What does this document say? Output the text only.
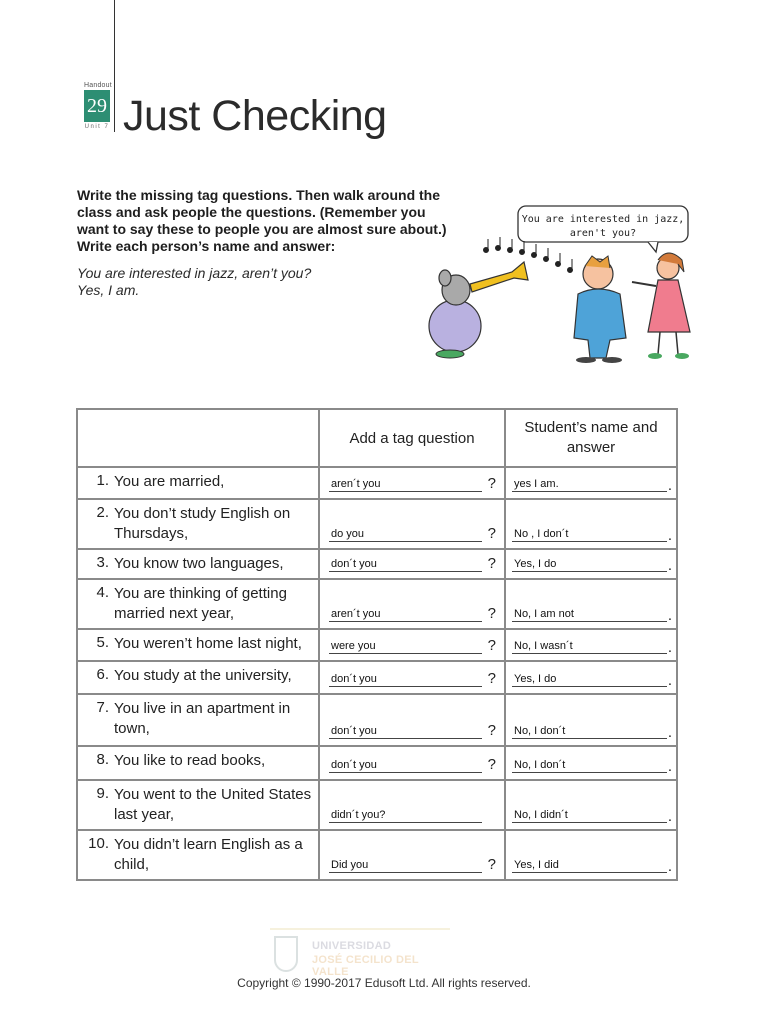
Handout
29
Unit 7 Just Checking

Write the missing tag questions. Then walk around the class and ask people the questions. (Remember you want to say these to people you are almost sure about.) Write each person’s name and answer:

You are interested in jazz, aren’t you?
Yes, I am.
You are interested in jazz,
aren't you?
	Add a tag question	Student’s name and answer
1. You are married,	aren´t you ?	yes I am. .

2. You don’t study English on Thursdays,	do you ?	No , I don´t .

3. You know two languages,	don´t you ?	Yes, I do .

4. You are thinking of getting married next year,	aren´t you ?	No, I am not .

5. You weren’t home last night,	were you ?	No, I wasn´t .

6. You study at the university,	don´t you ?	Yes, I do .

7. You live in an apartment in town,	don´t you ?	No, I don´t .

8. You like to read books,	don´t you ?	No, I don´t .

9. You went to the United States last year,	didn´t you?	No, I didn´t .

10. You didn’t learn English as a child,	Did you ?	Yes, I did .
UNIVERSIDAD
JOSÉ CECILIO DEL VALLE
Copyright © 1990-2017 Edusoft Ltd. All rights reserved.
